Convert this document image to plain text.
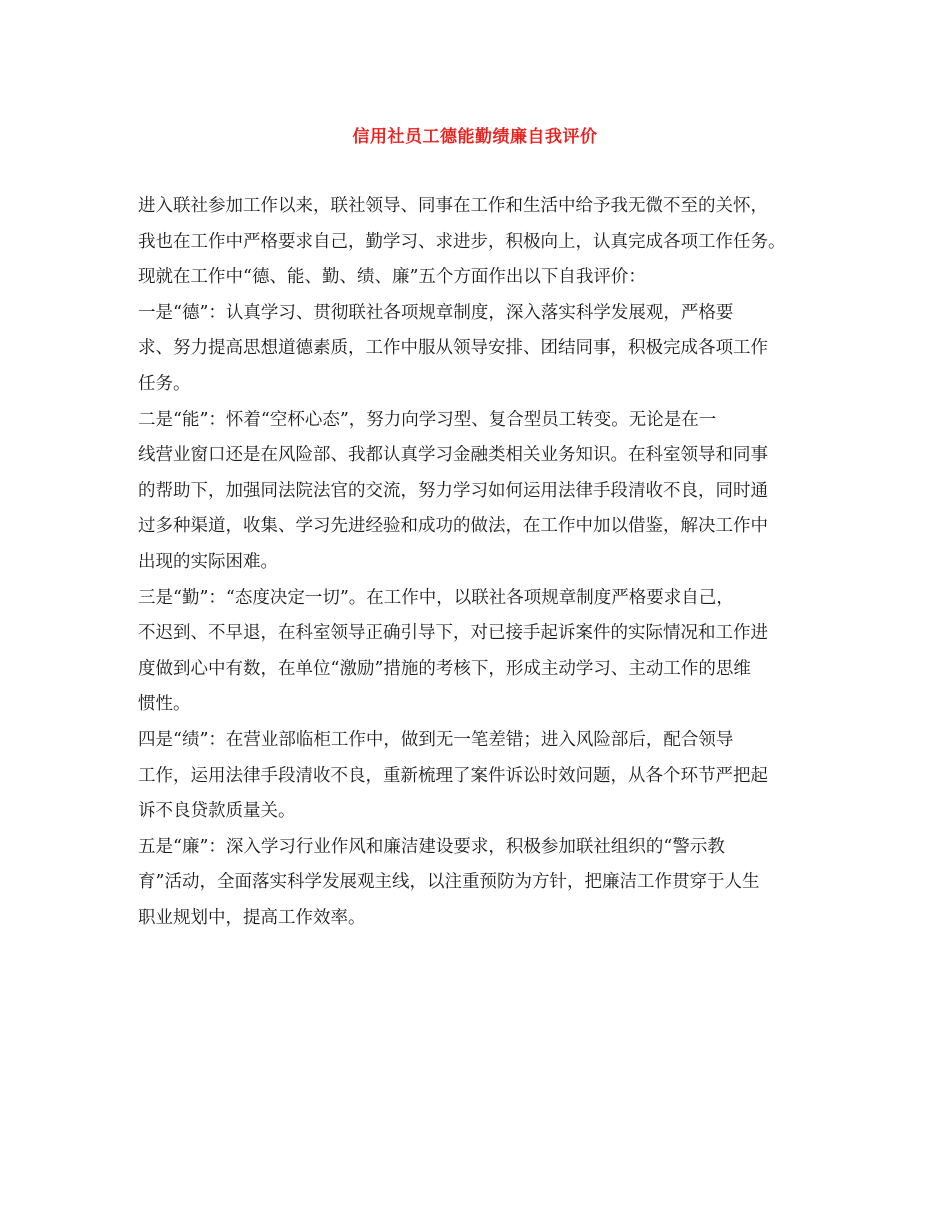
信用社员工德能勤绩廉自我评价
进入联社参加工作以来，联社领导、同事在工作和生活中给予我无微不至的关怀，
我也在工作中严格要求自己，勤学习、求进步，积极向上，认真完成各项工作任务。
现就在工作中“德、能、勤、绩、廉”五个方面作出以下自我评价：
一是“德”：认真学习、贯彻联社各项规章制度，深入落实科学发展观，严格要
求、努力提高思想道德素质，工作中服从领导安排、团结同事，积极完成各项工作
任务。
二是“能”：怀着“空杯心态”，努力向学习型、复合型员工转变。无论是在一
线营业窗口还是在风险部、我都认真学习金融类相关业务知识。在科室领导和同事
的帮助下，加强同法院法官的交流，努力学习如何运用法律手段清收不良，同时通
过多种渠道，收集、学习先进经验和成功的做法，在工作中加以借鉴，解决工作中
出现的实际困难。
三是“勤”：“态度决定一切”。在工作中，以联社各项规章制度严格要求自己，
不迟到、不早退，在科室领导正确引导下，对已接手起诉案件的实际情况和工作进
度做到心中有数，在单位“激励”措施的考核下，形成主动学习、主动工作的思维
惯性。
四是“绩”：在营业部临柜工作中，做到无一笔差错；进入风险部后，配合领导
工作，运用法律手段清收不良，重新梳理了案件诉讼时效问题，从各个环节严把起
诉不良贷款质量关。
五是“廉”：深入学习行业作风和廉洁建设要求，积极参加联社组织的“警示教
育”活动，全面落实科学发展观主线，以注重预防为方针，把廉洁工作贯穿于人生
职业规划中，提高工作效率。
